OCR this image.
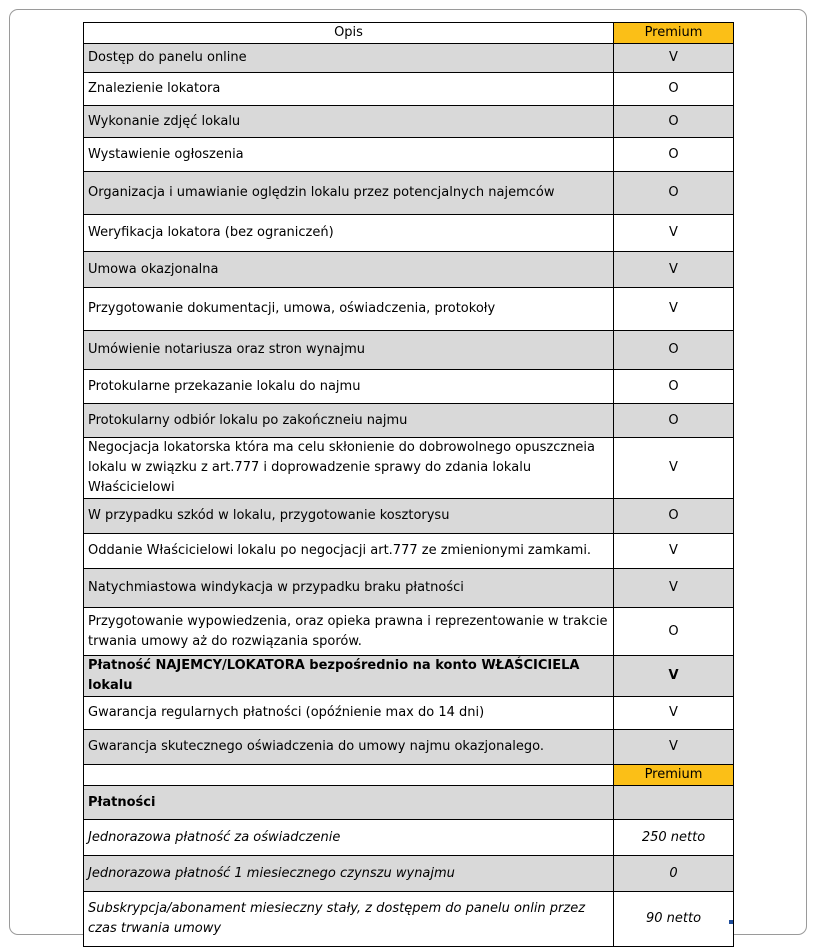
Opis	Premium
Dostęp do panelu online	V
Znalezienie lokatora	O
Wykonanie zdjęć lokalu	O
Wystawienie ogłoszenia	O
Organizacja i umawianie oględzin lokalu przez potencjalnych najemców	O
Weryfikacja lokatora (bez ograniczeń)	V
Umowa okazjonalna	V
Przygotowanie dokumentacji, umowa, oświadczenia, protokoły	V
Umówienie notariusza oraz stron wynajmu	O
Protokularne przekazanie lokalu do najmu	O
Protokularny odbiór lokalu po zakończneiu najmu	O
Negocjacja lokatorska która ma celu skłonienie do dobrowolnego opuszczneia lokalu w związku z art.777 i doprowadzenie sprawy do zdania lokalu Właścicielowi	V
W przypadku szkód w lokalu, przygotowanie kosztorysu	O
Oddanie Właścicielowi lokalu po negocjacji art.777 ze zmienionymi zamkami.	V
Natychmiastowa windykacja w przypadku braku płatności	V
Przygotowanie wypowiedzenia, oraz opieka prawna i reprezentowanie w trakcie trwania umowy aż do rozwiązania sporów.	O
Płatność NAJEMCY/LOKATORA bezpośrednio na konto WŁAŚCICIELA lokalu	V
Gwarancja regularnych płatności (opóźnienie max do 14 dni)	V
Gwarancja skutecznego oświadczenia do umowy najmu okazjonalego.	V
	Premium
Płatności	
Jednorazowa płatność za oświadczenie	250 netto
Jednorazowa płatność 1 miesiecznego czynszu wynajmu	0
Subskrypcja/abonament miesieczny stały, z dostępem do panelu onlin przez czas trwania umowy	90 netto
